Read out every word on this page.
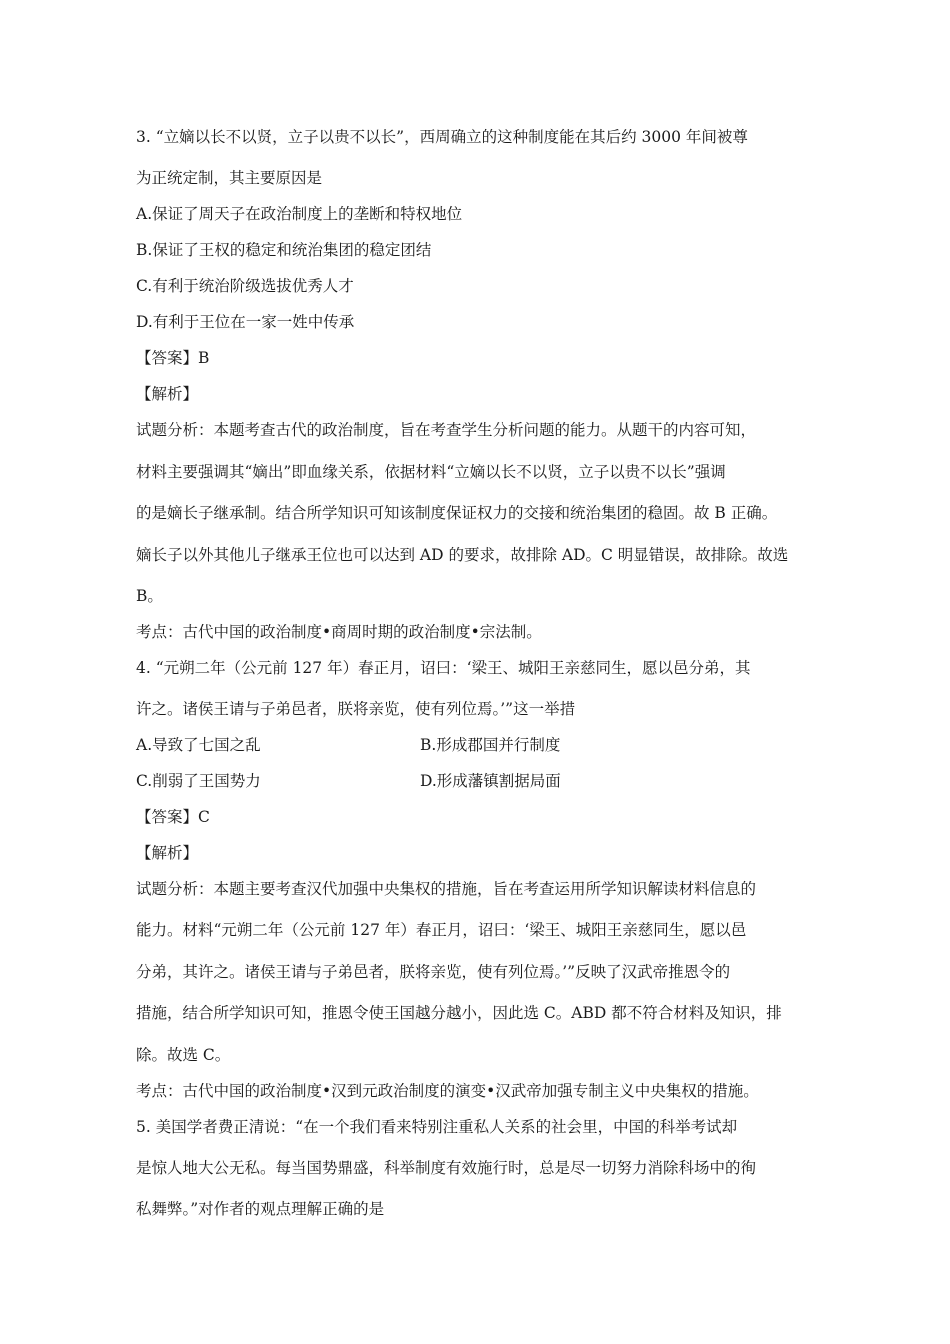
3. “立嫡以长不以贤，立子以贵不以长”，西周确立的这种制度能在其后约 3000 年间被尊
为正统定制，其主要原因是
A.保证了周天子在政治制度上的垄断和特权地位
B.保证了王权的稳定和统治集团的稳定团结
C.有利于统治阶级选拔优秀人才
D.有利于王位在一家一姓中传承
【答案】B
【解析】
试题分析：本题考查古代的政治制度，旨在考查学生分析问题的能力。从题干的内容可知，
材料主要强调其“嫡出”即血缘关系，依据材料“立嫡以长不以贤，立子以贵不以长”强调
的是嫡长子继承制。结合所学知识可知该制度保证权力的交接和统治集团的稳固。故 B 正确。
嫡长子以外其他儿子继承王位也可以达到 AD 的要求，故排除 AD。C 明显错误，故排除。故选
B。
考点：古代中国的政治制度•商周时期的政治制度•宗法制。
4. “元朔二年（公元前 127 年）春正月，诏曰：‘梁王、城阳王亲慈同生，愿以邑分弟，其
许之。诸侯王请与子弟邑者，朕将亲览，使有列位焉。’”这一举措
A.导致了七国之乱	B.形成郡国并行制度
C.削弱了王国势力	D.形成藩镇割据局面
【答案】C
【解析】
试题分析：本题主要考查汉代加强中央集权的措施，旨在考查运用所学知识解读材料信息的
能力。材料“元朔二年（公元前 127 年）春正月，诏曰：‘梁王、城阳王亲慈同生，愿以邑
分弟，其许之。诸侯王请与子弟邑者，朕将亲览，使有列位焉。’”反映了汉武帝推恩令的
措施，结合所学知识可知，推恩令使王国越分越小，因此选 C。ABD 都不符合材料及知识，排
除。故选 C。
考点：古代中国的政治制度•汉到元政治制度的演变•汉武帝加强专制主义中央集权的措施。
5. 美国学者费正清说：“在一个我们看来特别注重私人关系的社会里，中国的科举考试却
是惊人地大公无私。每当国势鼎盛，科举制度有效施行时，总是尽一切努力消除科场中的徇
私舞弊。”对作者的观点理解正确的是
